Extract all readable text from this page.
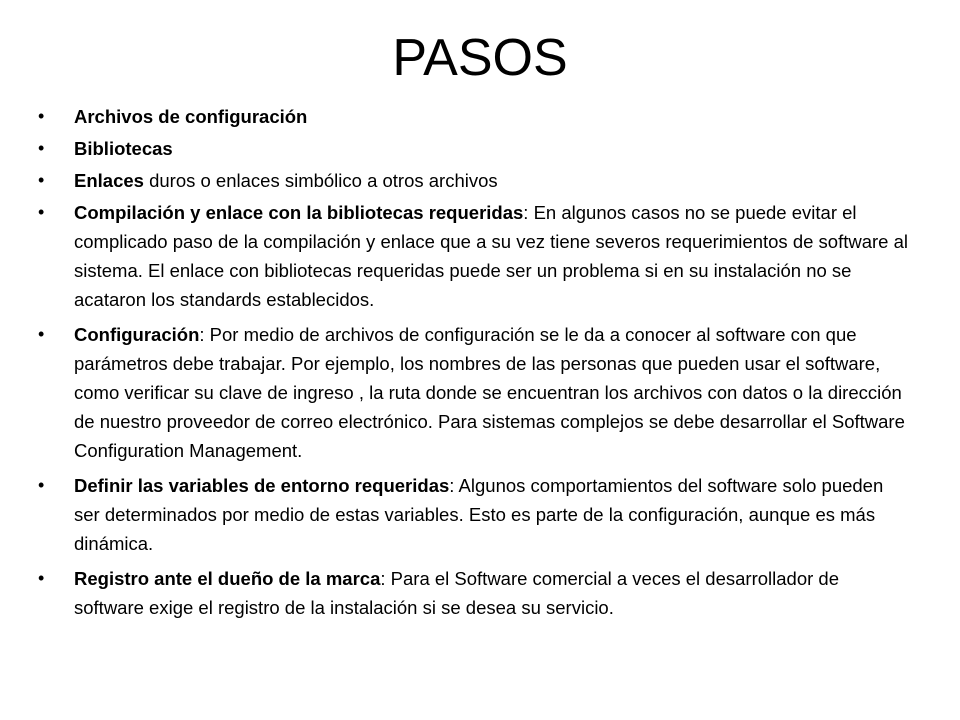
PASOS
•	Archivos de configuración
•	Bibliotecas
•	Enlaces duros o enlaces simbólico a otros archivos
•	Compilación y enlace con la bibliotecas requeridas: En algunos casos no se puede evitar el complicado paso de la compilación y enlace que a su vez tiene severos requerimientos de software al sistema. El enlace con bibliotecas requeridas puede ser un problema si en su instalación no se acataron los standards establecidos.
•	Configuración: Por medio de archivos de configuración se le da a conocer al software con que parámetros debe trabajar. Por ejemplo, los nombres de las personas que pueden usar el software, como verificar su clave de ingreso , la ruta donde se encuentran los archivos con datos o la dirección de nuestro proveedor de correo electrónico. Para sistemas complejos se debe desarrollar el Software Configuration Management.
•	Definir las variables de entorno requeridas: Algunos comportamientos del software solo pueden ser determinados por medio de estas variables. Esto es parte de la configuración, aunque es más dinámica.
•	Registro ante el dueño de la marca: Para el Software comercial a veces el desarrollador de software exige el registro de la instalación si se desea su servicio.
